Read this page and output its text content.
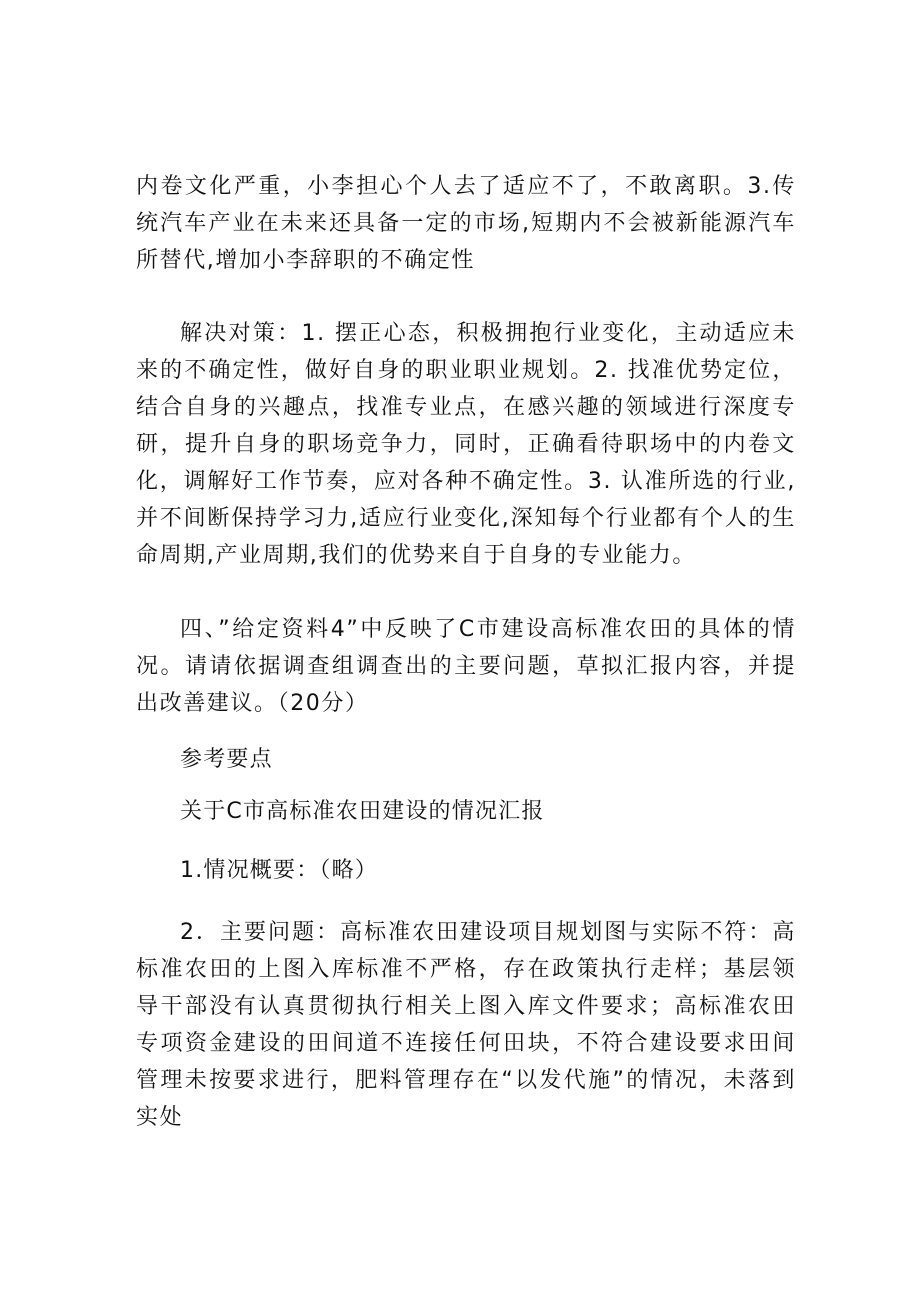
内卷文化严重，小李担心个人去了适应不了，不敢离职。3.传统汽车产业在未来还具备一定的市场,短期内不会被新能源汽车所替代,增加小李辞职的不确定性

解决对策：1. 摆正心态，积极拥抱行业变化，主动适应未来的不确定性，做好自身的职业职业规划。2. 找准优势定位，结合自身的兴趣点，找准专业点，在感兴趣的领域进行深度专研，提升自身的职场竞争力，同时，正确看待职场中的内卷文化，调解好工作节奏，应对各种不确定性。3. 认准所选的行业,并不间断保持学习力,适应行业变化,深知每个行业都有个人的生命周期,产业周期,我们的优势来自于自身的专业能力。

四、”给定资料4”中反映了C市建设高标准农田的具体的情况。请请依据调查组调查出的主要问题，草拟汇报内容，并提出改善建议。（20分）

参考要点

关于C市高标准农田建设的情况汇报

1.情况概要：（略）

2．主要问题：高标准农田建设项目规划图与实际不符：高标准农田的上图入库标准不严格，存在政策执行走样；基层领导干部没有认真贯彻执行相关上图入库文件要求；高标准农田专项资金建设的田间道不连接任何田块，不符合建设要求田间管理未按要求进行，肥料管理存在“以发代施”的情况，未落到实处
